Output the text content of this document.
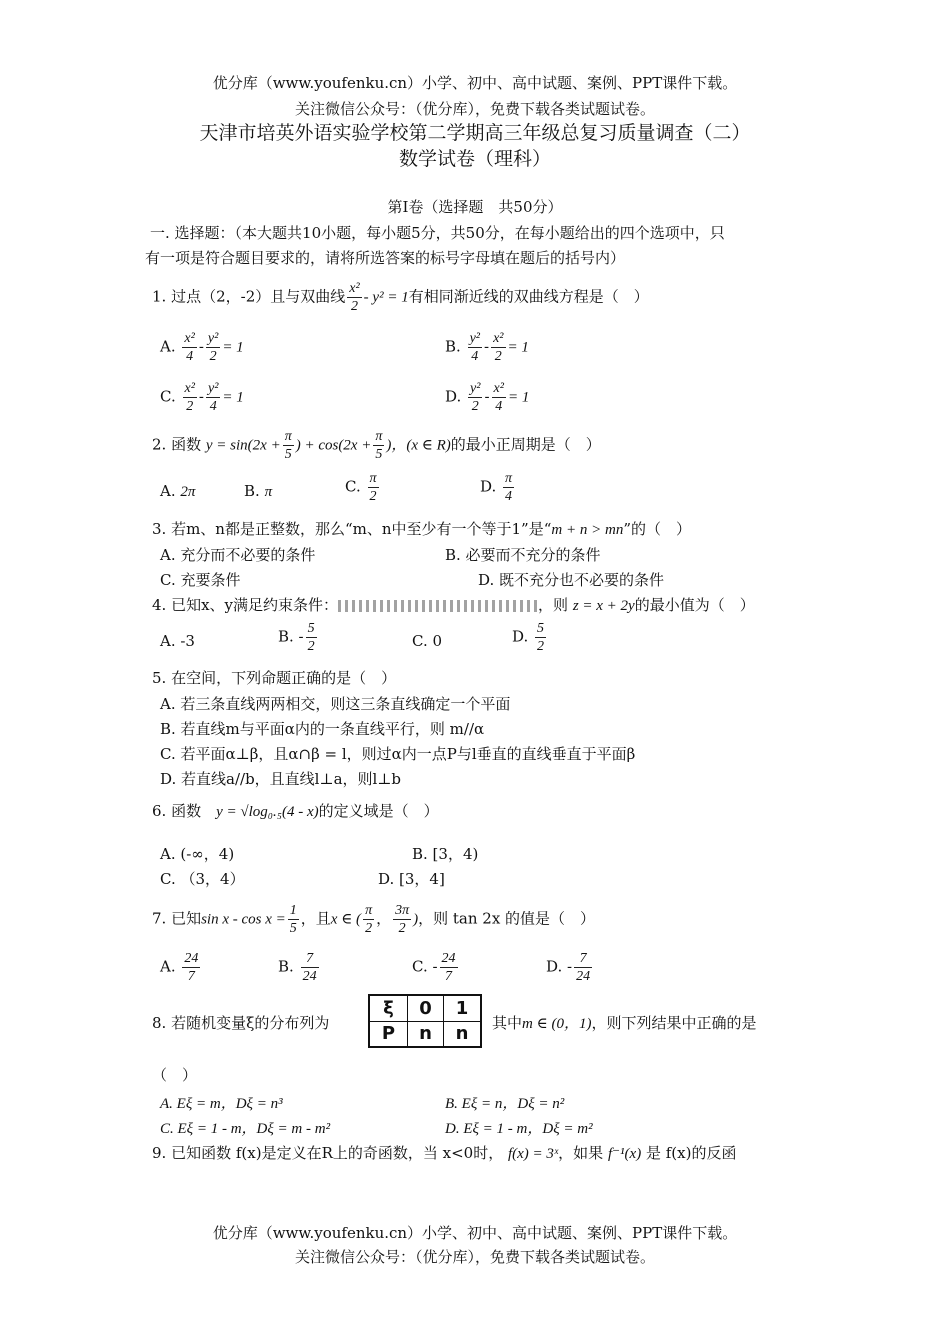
优分库（www.youfenku.cn）小学、初中、高中试题、案例、PPT课件下载。
关注微信公众号：（优分库），免费下载各类试题试卷。
天津市培英外语实验学校第二学期高三年级总复习质量调查（二）
数学试卷（理科）
第I卷（选择题　共50分）
一. 选择题：（本大题共10小题，每小题5分，共50分，在每小题给出的四个选项中，只
有一项是符合题目要求的，请将所选答案的标号字母填在题后的括号内）
1. 过点（2，-2）且与双曲线 $\frac{\text{x²}}{2} - y^2 = 1$有相同渐近线的双曲线方程是（　）
A. $\frac{\text{x²}}{4} - \frac{\text{y²}}{2} = 1$	B. $\frac{\text{y²}}{4} - \frac{\text{x²}}{2} = 1$
C. $\frac{\text{x²}}{2} - \frac{\text{y²}}{4} = 1$	D. $\frac{\text{y²}}{2} - \frac{\text{x²}}{4} = 1$
2. 函数 $y = \sin(2x + \frac{\pi}{5}$ ) + $\cos(2x + \frac{\pi}{5}$ )，(x ∈ R)的最小正周期是（　）
A. 2π	B. π	C. $\frac{\pi}{2}$	D. $\frac{\pi}{4}$
3. 若m、n都是正整数，那么“m、n中至少有一个等于1”是“m + n > mn”的（　）
A. 充分而不必要的条件	B. 必要而不充分的条件
C. 充要条件	D. 既不充分也不必要的条件
4. 已知x、y满足约束条件：	，则 z = x + 2y的最小值为（　）
A. -3	B. - $\frac{5}{2}$	C. 0	D. $\frac{5}{2}$
5. 在空间，下列命题正确的是（　）
A. 若三条直线两两相交，则这三条直线确定一个平面
B. 若直线m与平面α内的一条直线平行，则 m//α
C. 若平面α⊥β，且α∩β = l，则过α内一点P与l垂直的直线垂直于平面β
D. 若直线a//b，且直线l⊥a，则l⊥b
6. 函数　 y = √log₀.₅(4 - x)的定义域是（　）
A. (-∞，4)	B. [3，4)
C. （3，4）	D. [3，4]
7. 已知$\sin x - \cos x = \frac{1}{5}$ ，且x ∈ ( $\frac{\pi}{2}$ ， $\frac{3\pi}{2}$ )，则 tan 2x 的值是（　）
A. $\frac{24}{7}$	B. $\frac{7}{24}$	C. - $\frac{24}{7}$	D. - $\frac{7}{24}$
8. 若随机变量ξ的分布列为
ξ	0	1
P	n	n
其中m ∈ (0，1)，则下列结果中正确的是
（　）
A. Eξ = m，Dξ = n³	B. Eξ = n，Dξ = n²
C. Eξ = 1 - m，Dξ = m - m²	D. Eξ = 1 - m，Dξ = m²
9. 已知函数 f(x)是定义在R上的奇函数，当 x<0时， f(x) = 3ˣ，如果 f⁻¹(x) 是 f(x)的反函
优分库（www.youfenku.cn）小学、初中、高中试题、案例、PPT课件下载。
关注微信公众号：（优分库），免费下载各类试题试卷。
